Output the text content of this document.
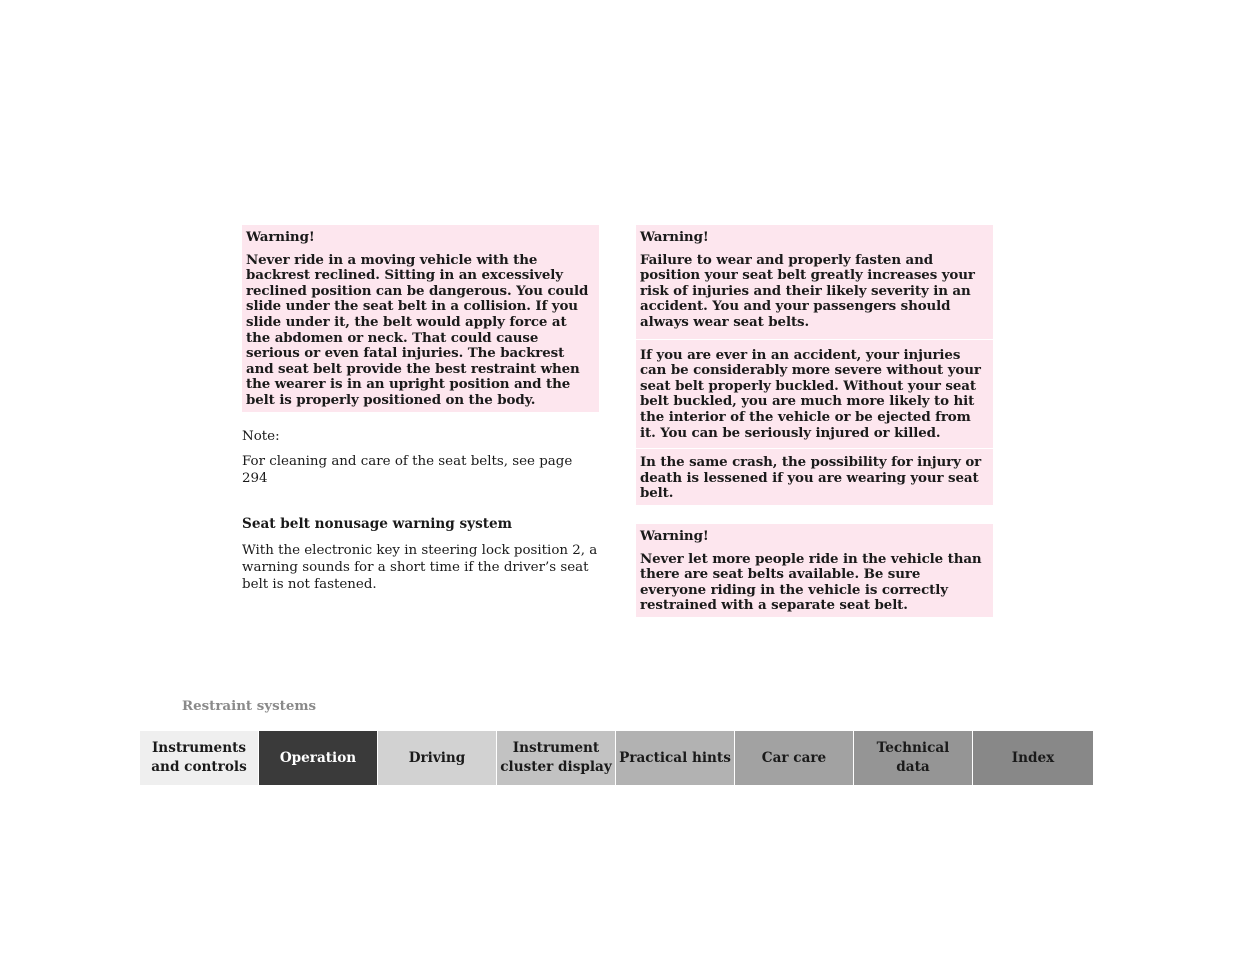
Warning!

Never ride in a moving vehicle with the backrest reclined. Sitting in an excessively reclined position can be dangerous. You could slide under the seat belt in a collision. If you slide under it, the belt would apply force at the abdomen or neck. That could cause serious or even fatal injuries. The backrest and seat belt provide the best restraint when the wearer is in an upright position and the belt is properly positioned on the body.

Note:

For cleaning and care of the seat belts, see page 294

Seat belt nonusage warning system

With the electronic key in steering lock position 2, a warning sounds for a short time if the driver’s seat belt is not fastened.

Warning!

Failure to wear and properly fasten and position your seat belt greatly increases your risk of injuries and their likely severity in an accident. You and your passengers should always wear seat belts.

If you are ever in an accident, your injuries can be considerably more severe without your seat belt properly buckled. Without your seat belt buckled, you are much more likely to hit the interior of the vehicle or be ejected from it. You can be seriously injured or killed.

In the same crash, the possibility for injury or death is lessened if you are wearing your seat belt.

Warning!

Never let more people ride in the vehicle than there are seat belts available. Be sure everyone riding in the vehicle is correctly restrained with a separate seat belt.

Restraint systems
Instruments
and controls
Operation	Driving
Instrument
cluster display
Practical hints	Car care
Technical
data
Index
